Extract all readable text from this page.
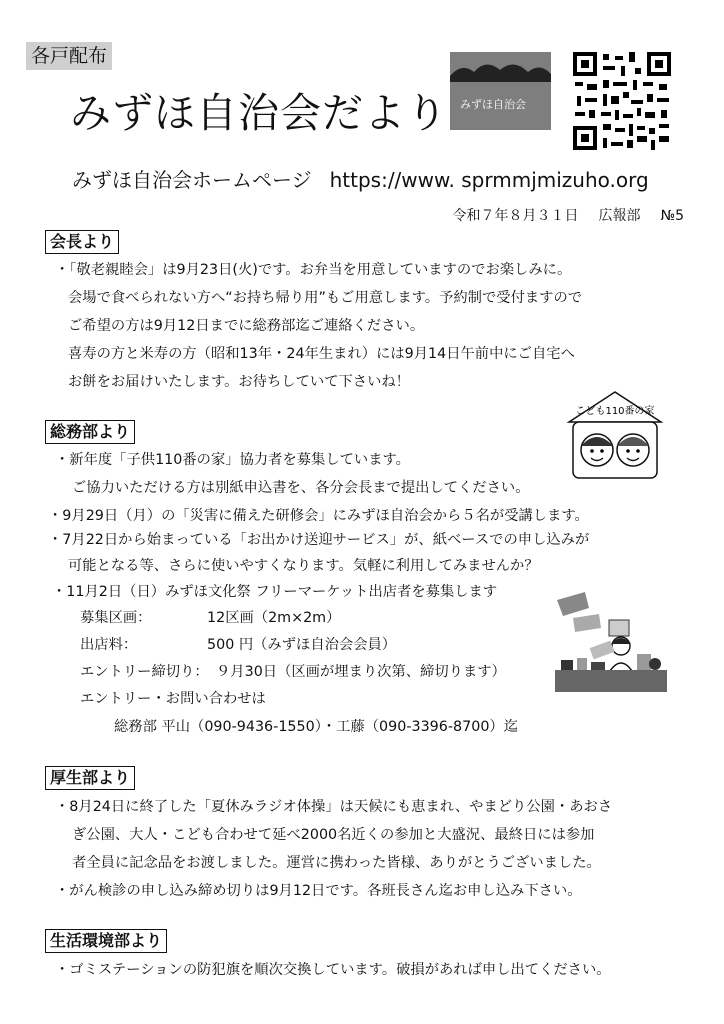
各戸配布
みずほ自治会だより みずほ自治会
みずほ自治会ホームページ https://www. sprmmjmizuho.org
令和７年８月３１日 広報部 №5
会長より
・「敬老親睦会」は9月23日(火)です。お弁当を用意していますのでお楽しみに。
会場で食べられない方へ“お持ち帰り用”もご用意します。予約制で受付ますので
ご希望の方は9月12日までに総務部迄ご連絡ください。
喜寿の方と米寿の方（昭和13年・24年生まれ）には9月14日午前中にご自宅へ
お餅をお届けいたします。お待ちしていて下さいね！
こども110番の家
総務部より
・新年度「子供110番の家」協力者を募集しています。
ご協力いただける方は別紙申込書を、各分会長まで提出してください。
・9月29日（月）の「災害に備えた研修会」にみずほ自治会から５名が受講します。
・7月22日から始まっている「お出かけ送迎サービス」が、紙ベースでの申し込みが
可能となる等、さらに使いやすくなります。気軽に利用してみませんか？
・11月2日（日）みずほ文化祭 フリーマーケット出店者を募集します
募集区画：	12区画（2m×2m）
出店料：	500 円（みずほ自治会会員）
エントリー締切り： ９月30日（区画が埋まり次第、締切ります）
エントリー・お問い合わせは
総務部 平山（090-9436-1550）・工藤（090-3396-8700）迄
厚生部より
・8月24日に終了した「夏休みラジオ体操」は天候にも恵まれ、やまどり公園・あおさ
ぎ公園、大人・こども合わせて延べ2000名近くの参加と大盛況、最終日には参加
者全員に記念品をお渡しました。運営に携わった皆様、ありがとうございました。
・がん検診の申し込み締め切りは9月12日です。各班長さん迄お申し込み下さい。
生活環境部より
・ゴミステーションの防犯旗を順次交換しています。破損があれば申し出てください。
